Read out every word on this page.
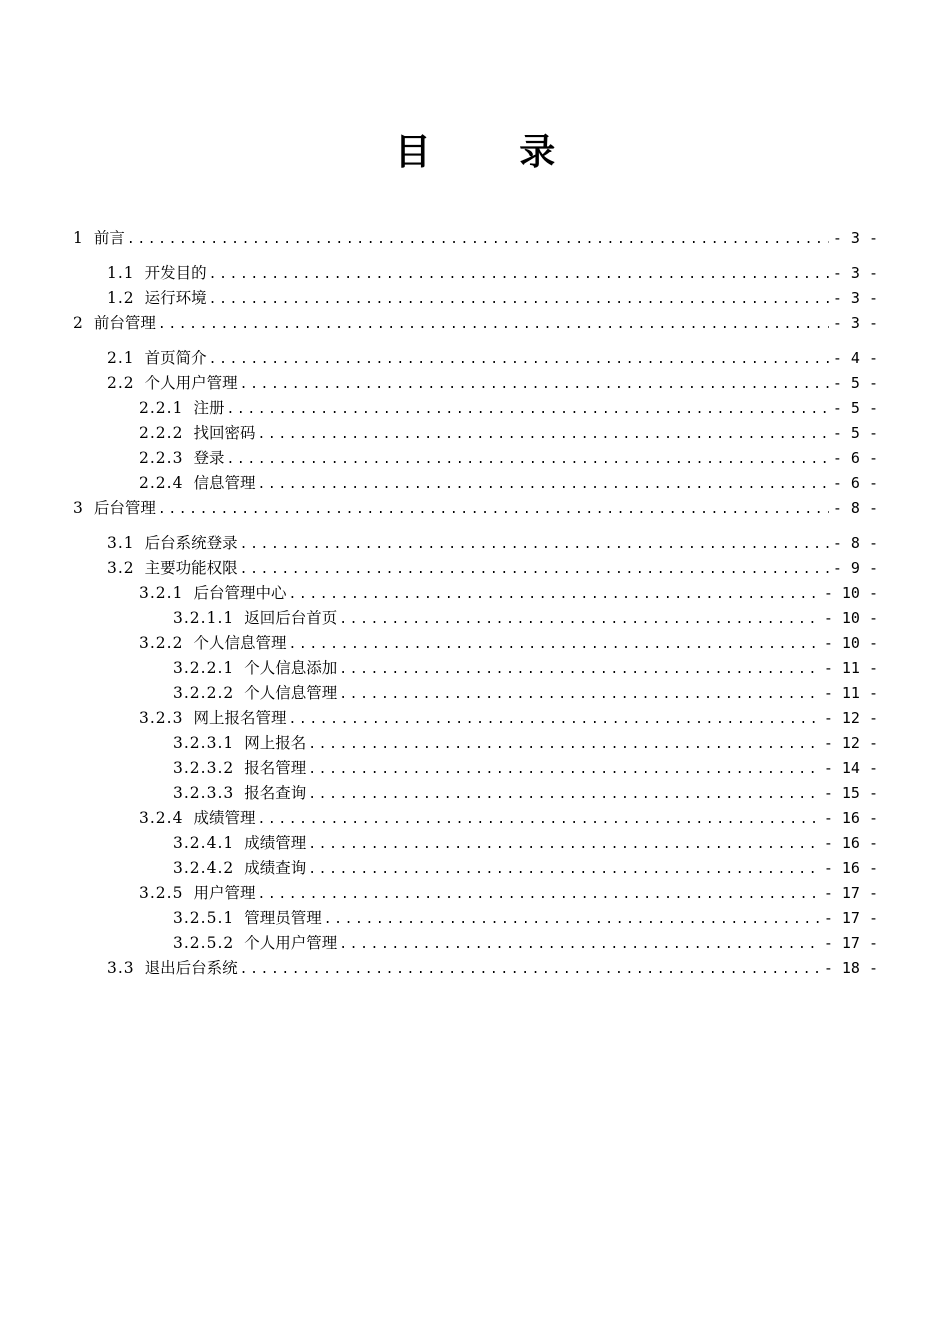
目 录
1 前言 .....	- 3 -
1.1 开发目的 .....	- 3 -
1.2 运行环境 .....	- 3 -
2 前台管理 .....	- 3 -
2.1 首页简介 .....	- 4 -
2.2 个人用户管理 .....	- 5 -
2.2.1 注册 .....	- 5 -
2.2.2 找回密码 .....	- 5 -
2.2.3 登录 .....	- 6 -
2.2.4 信息管理 .....	- 6 -
3 后台管理 .....	- 8 -
3.1 后台系统登录 .....	- 8 -
3.2 主要功能权限 .....	- 9 -
3.2.1 后台管理中心 .....	- 10 -
3.2.1.1 返回后台首页 .....	- 10 -
3.2.2 个人信息管理 .....	- 10 -
3.2.2.1 个人信息添加 .....	- 11 -
3.2.2.2 个人信息管理 .....	- 11 -
3.2.3 网上报名管理 .....	- 12 -
3.2.3.1 网上报名 .....	- 12 -
3.2.3.2 报名管理 .....	- 14 -
3.2.3.3 报名查询 .....	- 15 -
3.2.4 成绩管理 .....	- 16 -
3.2.4.1 成绩管理 .....	- 16 -
3.2.4.2 成绩查询 .....	- 16 -
3.2.5 用户管理 .....	- 17 -
3.2.5.1 管理员管理 .....	- 17 -
3.2.5.2 个人用户管理 .....	- 17 -
3.3 退出后台系统 .....	- 18 -
